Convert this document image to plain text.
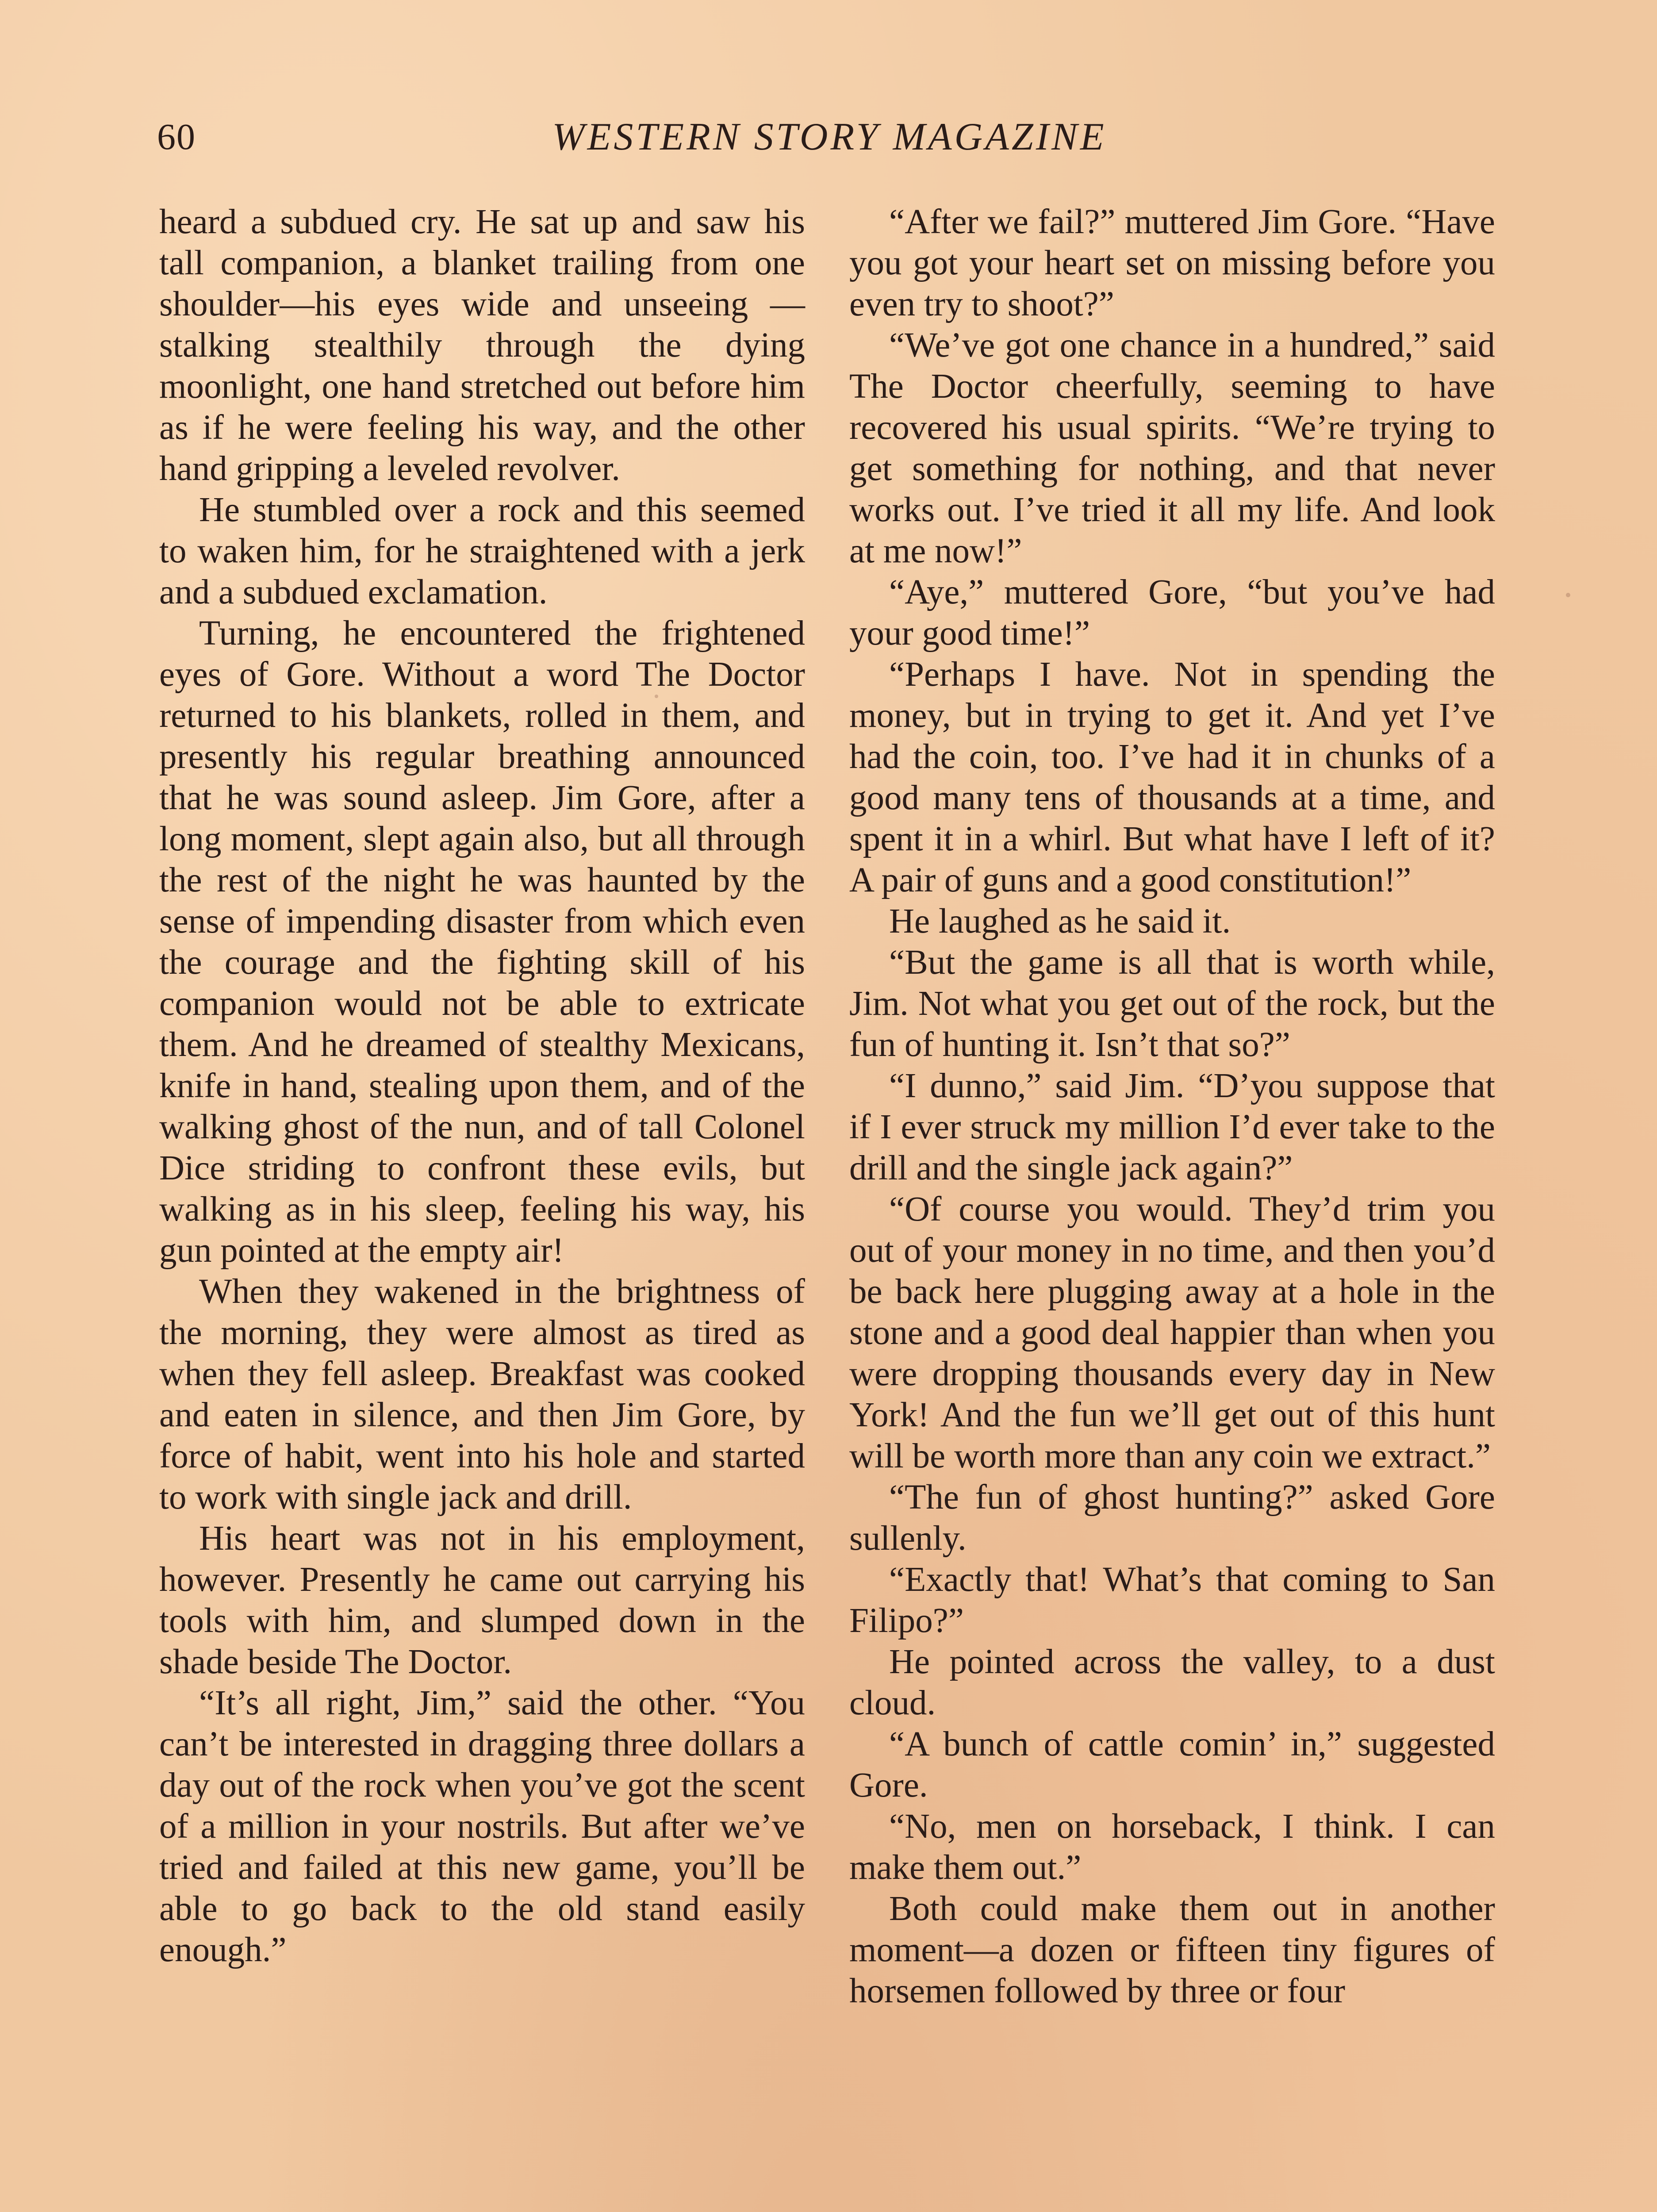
WESTERN STORY MAGAZINE
60

heard a subdued cry. He sat up and saw his tall companion, a blanket trailing from one shoulder—his eyes wide and unseeing — stalking stealthily through the dying moonlight, one hand stretched out before him as if he were feeling his way, and the other hand gripping a leveled revolver.

He stumbled over a rock and this seemed to waken him, for he straightened with a jerk and a subdued exclamation.

Turning, he encountered the frightened eyes of Gore. Without a word The Doctor returned to his blankets, rolled in them, and presently his regular breathing announced that he was sound asleep. Jim Gore, after a long moment, slept again also, but all through the rest of the night he was haunted by the sense of impending disaster from which even the courage and the fighting skill of his companion would not be able to extricate them. And he dreamed of stealthy Mexicans, knife in hand, stealing upon them, and of the walking ghost of the nun, and of tall Colonel Dice striding to confront these evils, but walking as in his sleep, feeling his way, his gun pointed at the empty air!

When they wakened in the brightness of the morning, they were almost as tired as when they fell asleep. Breakfast was cooked and eaten in silence, and then Jim Gore, by force of habit, went into his hole and started to work with single jack and drill.

His heart was not in his employment, however. Presently he came out carrying his tools with him, and slumped down in the shade beside The Doctor.

“It’s all right, Jim,” said the other. “You can’t be interested in dragging three dollars a day out of the rock when you’ve got the scent of a million in your nostrils. But after we’ve tried and failed at this new game, you’ll be able to go back to the old stand easily enough.”

“After we fail?” muttered Jim Gore. “Have you got your heart set on missing before you even try to shoot?”

“We’ve got one chance in a hundred,” said The Doctor cheerfully, seeming to have recovered his usual spirits. “We’re trying to get something for nothing, and that never works out. I’ve tried it all my life. And look at me now!”

“Aye,” muttered Gore, “but you’ve had your good time!”

“Perhaps I have. Not in spending the money, but in trying to get it. And yet I’ve had the coin, too. I’ve had it in chunks of a good many tens of thousands at a time, and spent it in a whirl. But what have I left of it? A pair of guns and a good constitution!”

He laughed as he said it.

“But the game is all that is worth while, Jim. Not what you get out of the rock, but the fun of hunting it. Isn’t that so?”

“I dunno,” said Jim. “D’you suppose that if I ever struck my million I’d ever take to the drill and the single jack again?”

“Of course you would. They’d trim you out of your money in no time, and then you’d be back here plugging away at a hole in the stone and a good deal happier than when you were dropping thousands every day in New York! And the fun we’ll get out of this hunt will be worth more than any coin we extract.”

“The fun of ghost hunting?” asked Gore sullenly.

“Exactly that! What’s that coming to San Filipo?”

He pointed across the valley, to a dust cloud.

“A bunch of cattle comin’ in,” suggested Gore.

“No, men on horseback, I think. I can make them out.”

Both could make them out in another moment—a dozen or fifteen tiny figures of horsemen followed by three or four
